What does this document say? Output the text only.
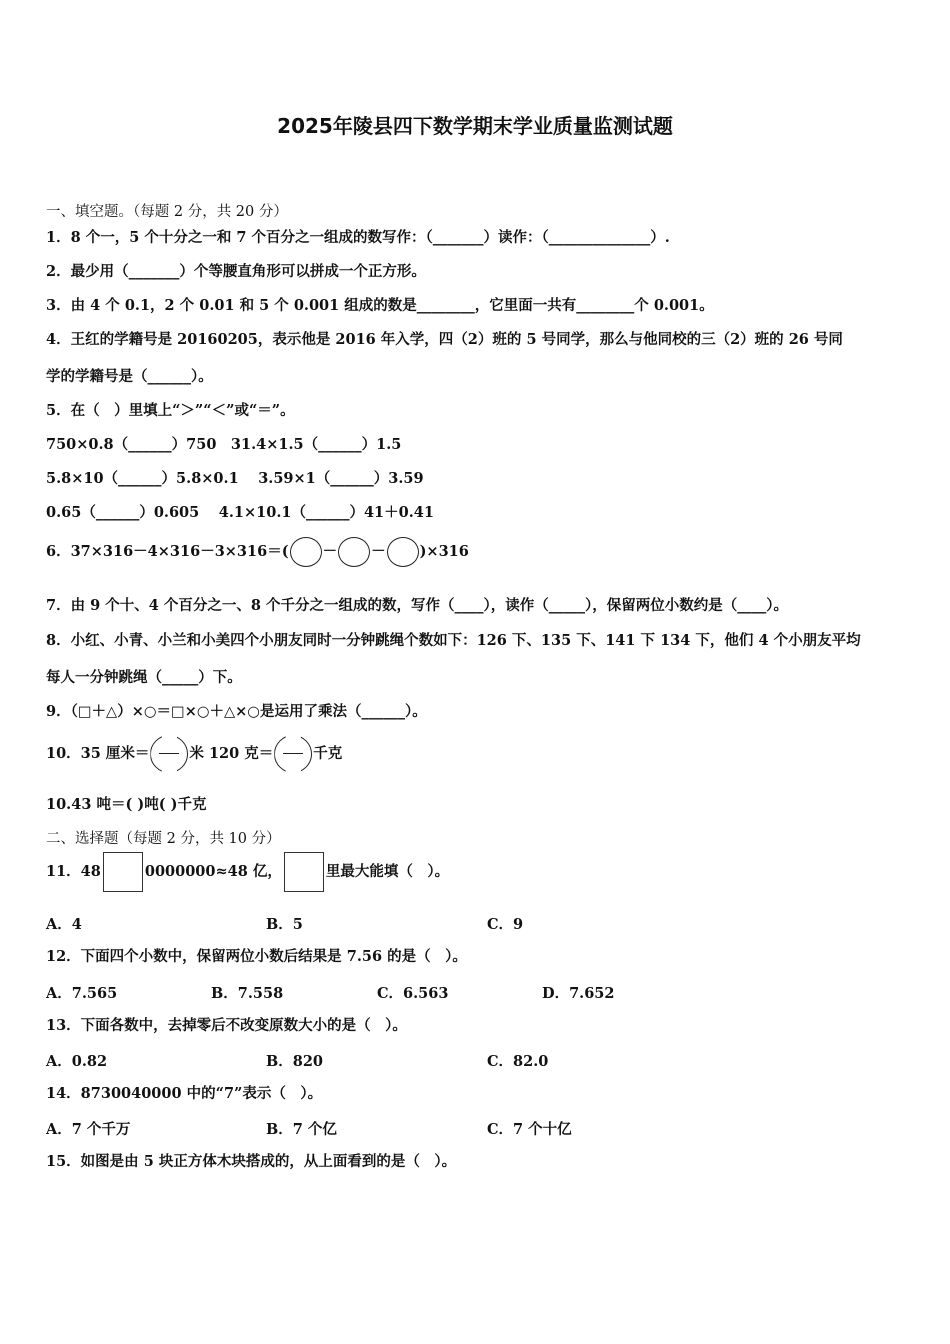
2025年陵县四下数学期末学业质量监测试题
一、填空题。（每题 2 分，共 20 分）
1．8 个一，5 个十分之一和 7 个百分之一组成的数写作：（_______）读作：（______________）.
2．最少用（_______）个等腰直角形可以拼成一个正方形。
3．由 4 个 0.1，2 个 0.01 和 5 个 0.001 组成的数是________，它里面一共有________个 0.001。
4．王红的学籍号是 20160205，表示他是 2016 年入学，四（2）班的 5 号同学，那么与他同校的三（2）班的 26 号同
学的学籍号是（______）。
5．在（　）里填上“＞”“＜”或“＝”。
750×0.8（______）750　31.4×1.5（______）1.5
5.8×10（______）5.8×0.1　 3.59×1（______）3.59
0.65（______）0.605　 4.1×10.1（______）41＋0.41
6．37×316－4×316－3×316＝( － － )×316
7．由 9 个十、4 个百分之一、8 个千分之一组成的数，写作（____），读作（_____），保留两位小数约是（____）。
8．小红、小青、小兰和小美四个小朋友同时一分钟跳绳个数如下：126 下、135 下、141 下 134 下，他们 4 个小朋友平均
每人一分钟跳绳（_____）下。
9．（□＋△）×○＝□×○＋△×○是运用了乘法（______）。
10．35 厘米＝	米 120 克＝	千克
10.43 吨＝( )吨( )千克
二、选择题（每题 2 分，共 10 分）
11．48	0000000≈48 亿，	里最大能填（　）。
A．4	B．5	C．9
12．下面四个小数中，保留两位小数后结果是 7.56 的是（　）。
A．7.565	B．7.558	C．6.563	D．7.652
13．下面各数中，去掉零后不改变原数大小的是（　）。
A．0.82	B．820	C．82.0
14．8730040000 中的“7”表示（　）。
A．7 个千万	B．7 个亿	C．7 个十亿
15．如图是由 5 块正方体木块搭成的，从上面看到的是（　）。
